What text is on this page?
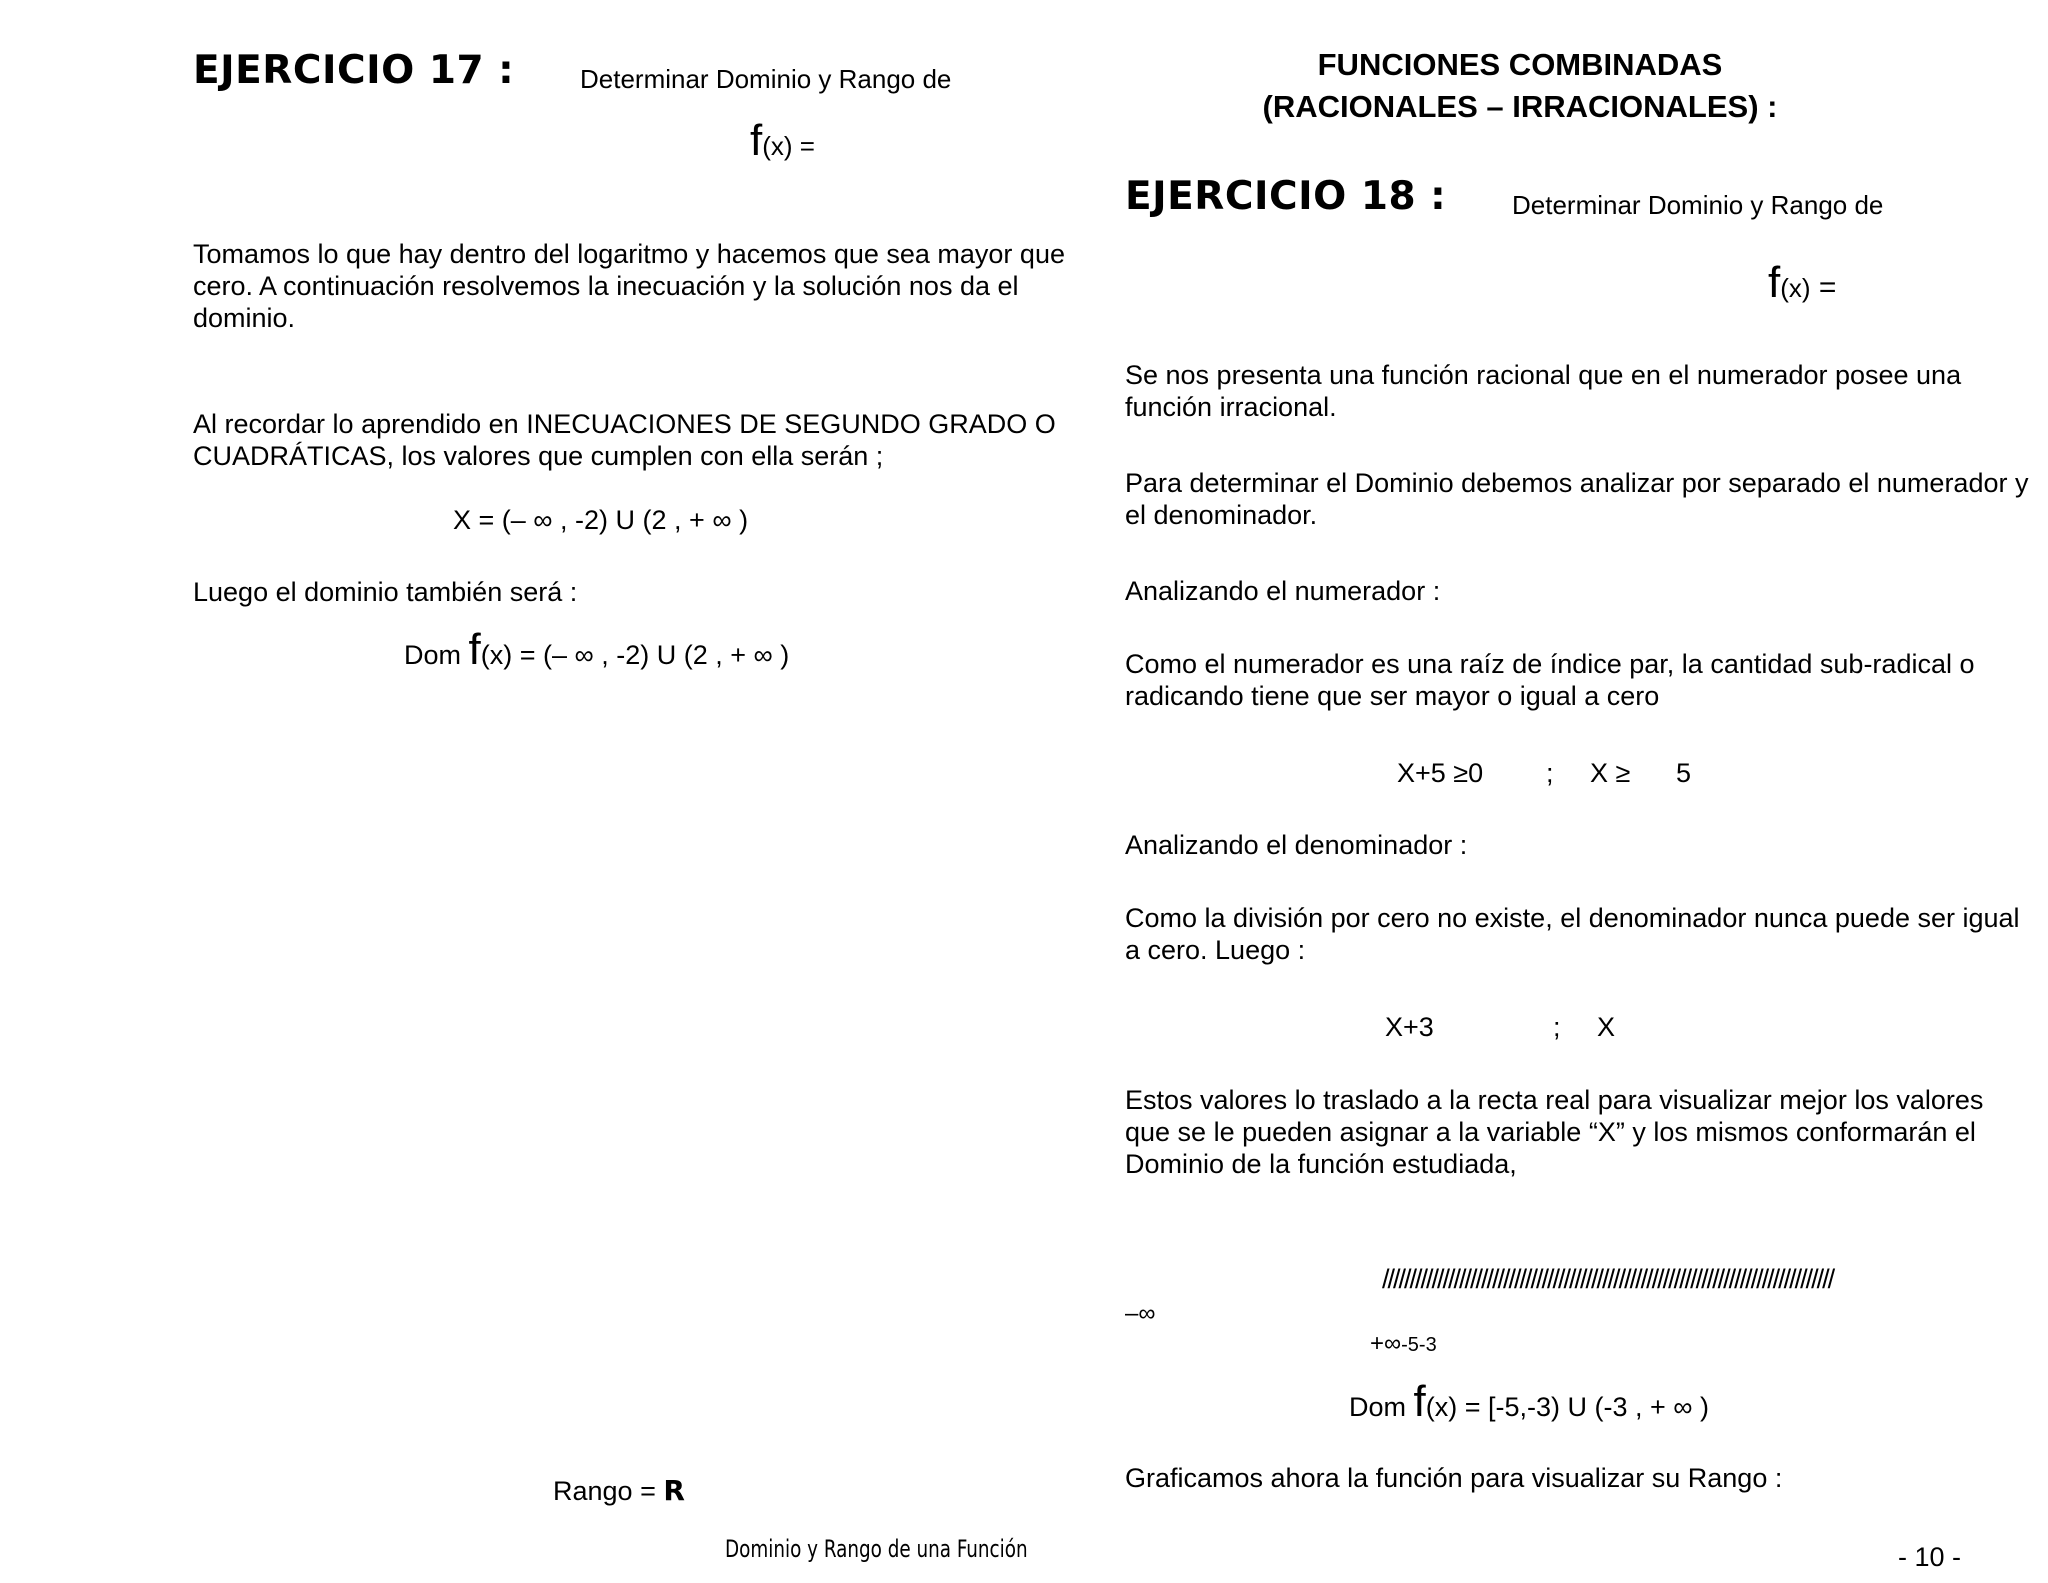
EJERCICIO 17 :	Determinar Dominio y Rango de
f(x) =
Tomamos lo que hay dentro del logaritmo y hacemos que sea mayor que cero. A continuación resolvemos la inecuación y la solución nos da el dominio.
Al recordar lo aprendido en INECUACIONES DE SEGUNDO GRADO O CUADRÁTICAS, los valores que cumplen con ella serán ;
X = (– ∞ , -2) U (2 , + ∞ )
Luego el dominio también será :
Dom f(x) = (– ∞ , -2) U (2 , + ∞ )
Rango = R
FUNCIONES COMBINADAS
(RACIONALES – IRRACIONALES) :
EJERCICIO 18 :	Determinar Dominio y Rango de
f(x) =
Se nos presenta una función racional que en el numerador posee una función irracional.
Para determinar el Dominio debemos analizar por separado el numerador y el denominador.
Analizando el numerador :
Como el numerador es una raíz de índice par, la cantidad sub-radical o radicando tiene que ser mayor o igual a cero
X+5 ≥0 ; X ≥ 5
Analizando el denominador :
Como la división por cero no existe, el denominador nunca puede ser igual a cero. Luego :
X+3	; X
Estos valores lo traslado a la recta real para visualizar mejor los valores que se le pueden asignar a la variable “X” y los mismos conformarán el Dominio de la función estudiada,
//////////////////////////////////////////////////////////////////////////////////
–∞
+∞-5-3
Dom f(x) = [-5,-3) U (-3 , + ∞ )
Graficamos ahora la función para visualizar su Rango :
Dominio y Rango de una Función	- 10 -
